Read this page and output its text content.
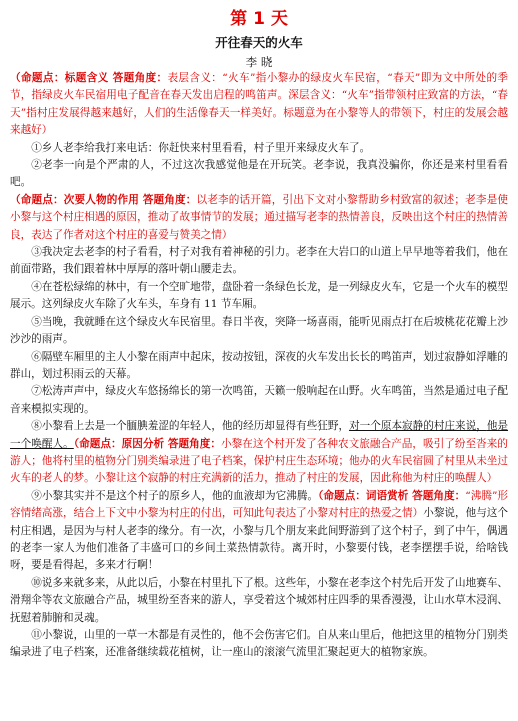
第 1 天
开往春天的火车
李 晓

（命题点：标题含义 答题角度：表层含义：“火车”指小黎办的绿皮火车民宿，“春天”即为文中所处的季节，指绿皮火车民宿用电子配音在春天发出启程的鸣笛声。深层含义：“火车”指带领村庄致富的方法，“春天”指村庄发展得越来越好，人们的生活像春天一样美好。标题意为在小黎等人的带领下，村庄的发展会越来越好）

①乡人老李给我打来电话：你赶快来村里看看，村子里开来绿皮火车了。

②老李一向是个严肃的人，不过这次我感觉他是在开玩笑。老李说，我真没骗你，你还是来村里看看吧。

（命题点：次要人物的作用 答题角度：以老李的话开篇，引出下文对小黎帮助乡村致富的叙述；老李是使小黎与这个村庄相遇的原因，推动了故事情节的发展；通过描写老李的热情善良，反映出这个村庄的热情善良，表达了作者对这个村庄的喜爱与赞美之情）

③我决定去老李的村子看看，村子对我有着神秘的引力。老李在大岩口的山道上早早地等着我们，他在前面带路，我们跟着林中厚厚的落叶朝山腰走去。

④在苍松绿绵的林中，有一个空旷地带，盘卧着一条绿色长龙，是一列绿皮火车，它是一个火车的模型展示。这列绿皮火车除了火车头，车身有 11 节车厢。

⑤当晚，我就睡在这个绿皮火车民宿里。春日半夜，突降一场喜雨，能听见雨点打在后坡桃花花瓣上沙沙沙的雨声。

⑥隔壁车厢里的主人小黎在雨声中起床，按动按钮，深夜的火车发出长长的鸣笛声，划过寂静如浮雕的群山，划过积雨云的天幕。

⑦松涛声声中，绿皮火车悠扬绵长的第一次鸣笛，天籁一般响起在山野。火车鸣笛，当然是通过电子配音来模拟实现的。

⑧小黎看上去是一个腼腆羞涩的年轻人，他的经历却显得有些狂野，对一个原本寂静的村庄来说，他是一个唤醒人。（命题点：原因分析 答题角度：小黎在这个村开发了各种农文旅融合产品，吸引了纷至沓来的游人；他将村里的植物分门别类编录进了电子档案，保护村庄生态环境；他办的火车民宿圆了村里从未坐过火车的老人的梦。小黎让这个寂静的村庄充满新的活力，推动了村庄的发展，因此称他为村庄的唤醒人）

⑨小黎其实并不是这个村子的原乡人，他的血液却为它沸腾。（命题点：词语赏析 答题角度：“沸腾”形容情绪高涨，结合上下文中小黎为村庄的付出，可知此句表达了小黎对村庄的热爱之情）小黎说，他与这个村庄相遇，是因为与村人老李的缘分。有一次，小黎与几个朋友来此间野游到了这个村子，到了中午，偶遇的老李一家人为他们准备了丰盛可口的乡间土菜热情款待。离开时，小黎要付钱，老李摆摆手说，给啥钱呀，要是看得起，多来才行啊！

⑩说多来就多来，从此以后，小黎在村里扎下了根。这些年，小黎在老李这个村先后开发了山地赛车、滑翔伞等农文旅融合产品，城里纷至沓来的游人，享受着这个城郊村庄四季的果香漫漫，让山水草木浸润、抚慰着肺腑和灵魂。

⑪小黎说，山里的一草一木都是有灵性的，他不会伤害它们。自从来山里后，他把这里的植物分门别类编录进了电子档案，还准备继续载花植树，让一座山的滚滚气流里汇聚起更大的植物家族。
